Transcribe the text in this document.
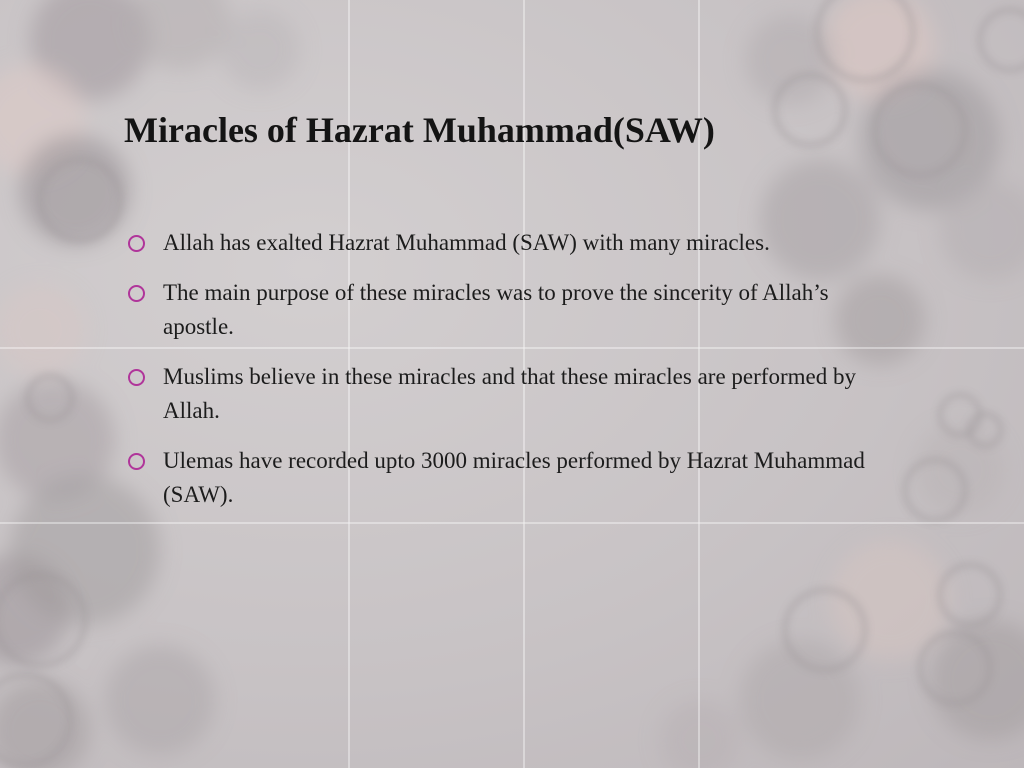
Miracles of Hazrat Muhammad(SAW)
Allah has exalted Hazrat Muhammad (SAW) with many miracles.
The main purpose of these miracles was to prove the sincerity of Allah’s apostle.
Muslims believe in these miracles and that these miracles are performed by Allah.
Ulemas have recorded upto 3000 miracles performed by Hazrat Muhammad (SAW).
